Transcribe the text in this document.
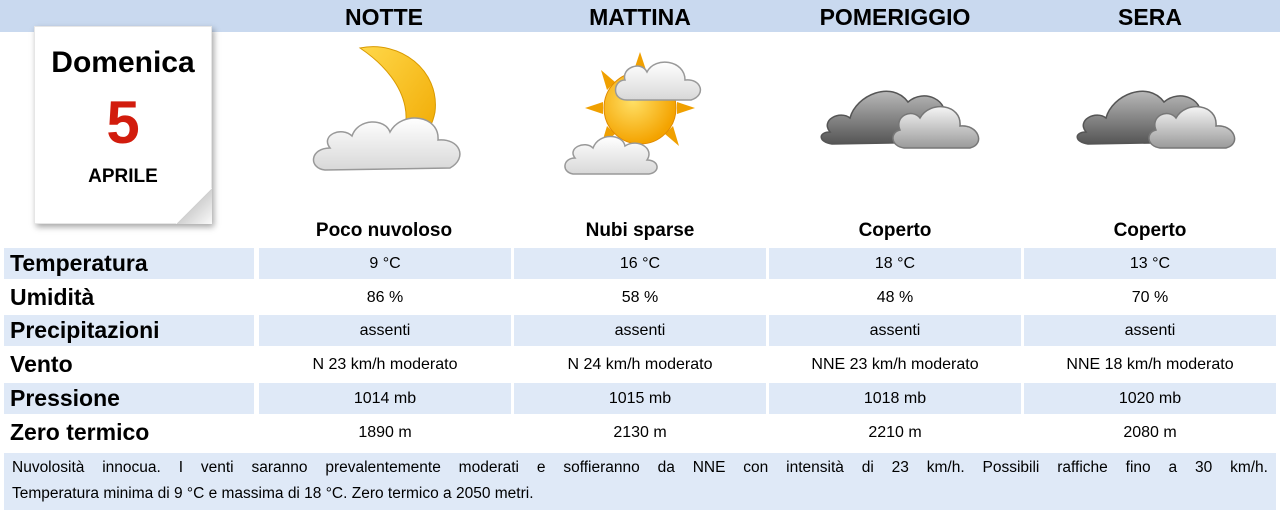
NOTTE	MATTINA	POMERIGGIO	SERA
Domenica
5
APRILE
Poco nuvoloso	Nubi sparse	Coperto	Coperto
Temperatura	9 °C	16 °C	18 °C	13 °C
Umidità	86 %	58 %	48 %	70 %
Precipitazioni	assenti	assenti	assenti	assenti
Vento	N 23 km/h moderato	N 24 km/h moderato	NNE 23 km/h moderato	NNE 18 km/h moderato
Pressione	1014 mb	1015 mb	1018 mb	1020 mb
Zero termico	1890 m	2130 m	2210 m	2080 m
Nuvolosità innocua. I venti saranno prevalentemente moderati e soffieranno da NNE con intensità di 23 km/h. Possibili raffiche fino a 30 km/h.
Temperatura minima di 9 °C e massima di 18 °C. Zero termico a 2050 metri.
